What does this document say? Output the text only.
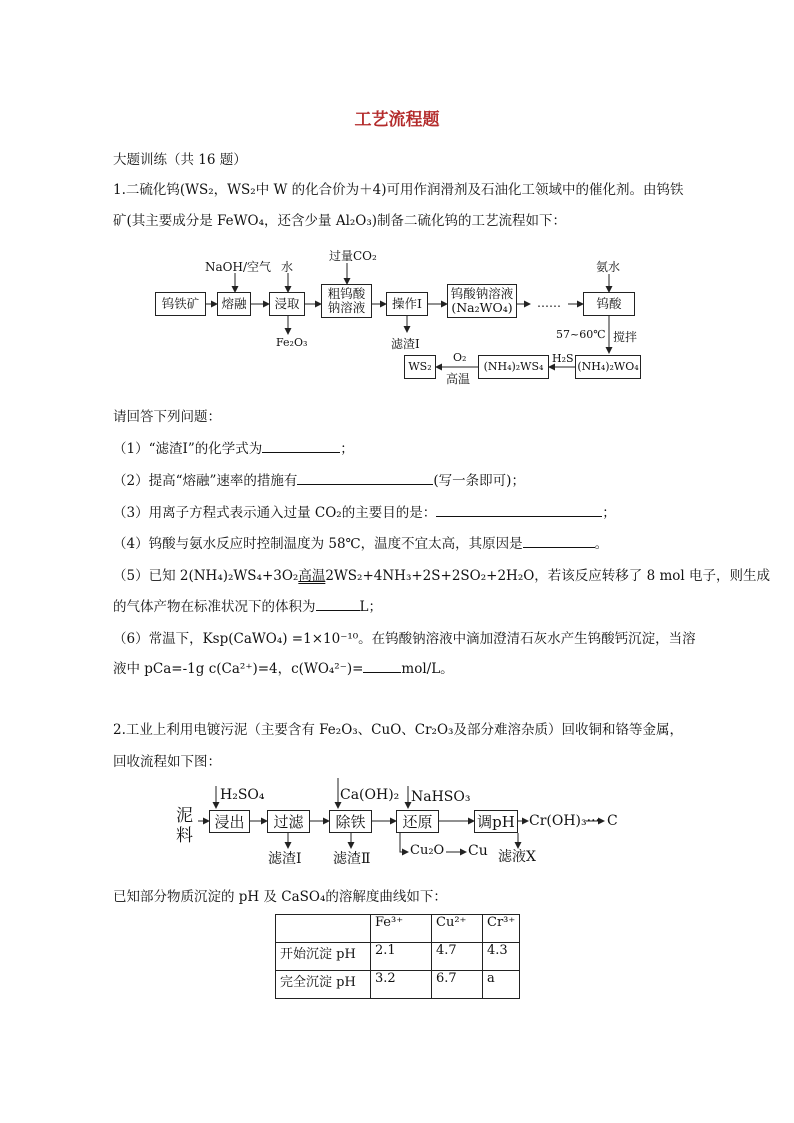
工艺流程题
大题训练（共 16 题）
1.二硫化钨(WS₂，WS₂中 W 的化合价为＋4)可用作润滑剂及石油化工领域中的催化剂。由钨铁
矿(其主要成分是 FeWO₄，还含少量 Al₂O₃)制备二硫化钨的工艺流程如下：
钨铁矿	熔融	浸取
粗钨酸
钠溶液	操作Ⅰ
钨酸钠溶液
(Na₂WO₄) ……	钨酸
(NH₄)₂WO₄
(NH₄)₂WS₄
WS₂
NaOH/空气 水
过量CO₂
氨水
Fe₂O₃	滤渣Ⅰ
57~60℃ 搅拌
H₂S
O₂
高温
请回答下列问题：
（1）“滤渣Ⅰ”的化学式为	；
（2）提高“熔融”速率的措施有	(写一条即可)；
（3）用离子方程式表示通入过量 CO₂的主要目的是：	；
（4）钨酸与氨水反应时控制温度为 58℃，温度不宜太高，其原因是	。
（5）已知 2(NH₄)₂WS₄+3O₂高温2WS₂+4NH₃+2S+2SO₂+2H₂O，若该反应转移了 8 mol 电子，则生成
的气体产物在标准状况下的体积为	L；
（6）常温下，Ksp(CaWO₄) =1×10⁻¹⁰。在钨酸钠溶液中滴加澄清石灰水产生钨酸钙沉淀，当溶
液中 pCa=-1g c(Ca²⁺)=4，c(WO₄²⁻)=	mol/L。
2.工业上利用电镀污泥（主要含有 Fe₂O₃、CuO、Cr₂O₃及部分难溶杂质）回收铜和铬等金属，
回收流程如下图：
泥
料
浸出	过滤	除铁	还原	调pH Cr(OH)₃··· C
H₂SO₄	Ca(OH)₂ NaHSO₃
滤渣Ⅰ 滤渣Ⅱ
Cu₂O Cu 滤液X
已知部分物质沉淀的 pH 及 CaSO₄的溶解度曲线如下：
	Fe³⁺	Cu²⁺	Cr³⁺
开始沉淀 pH	2.1	4.7	4.3
完全沉淀 pH	3.2	6.7	a
